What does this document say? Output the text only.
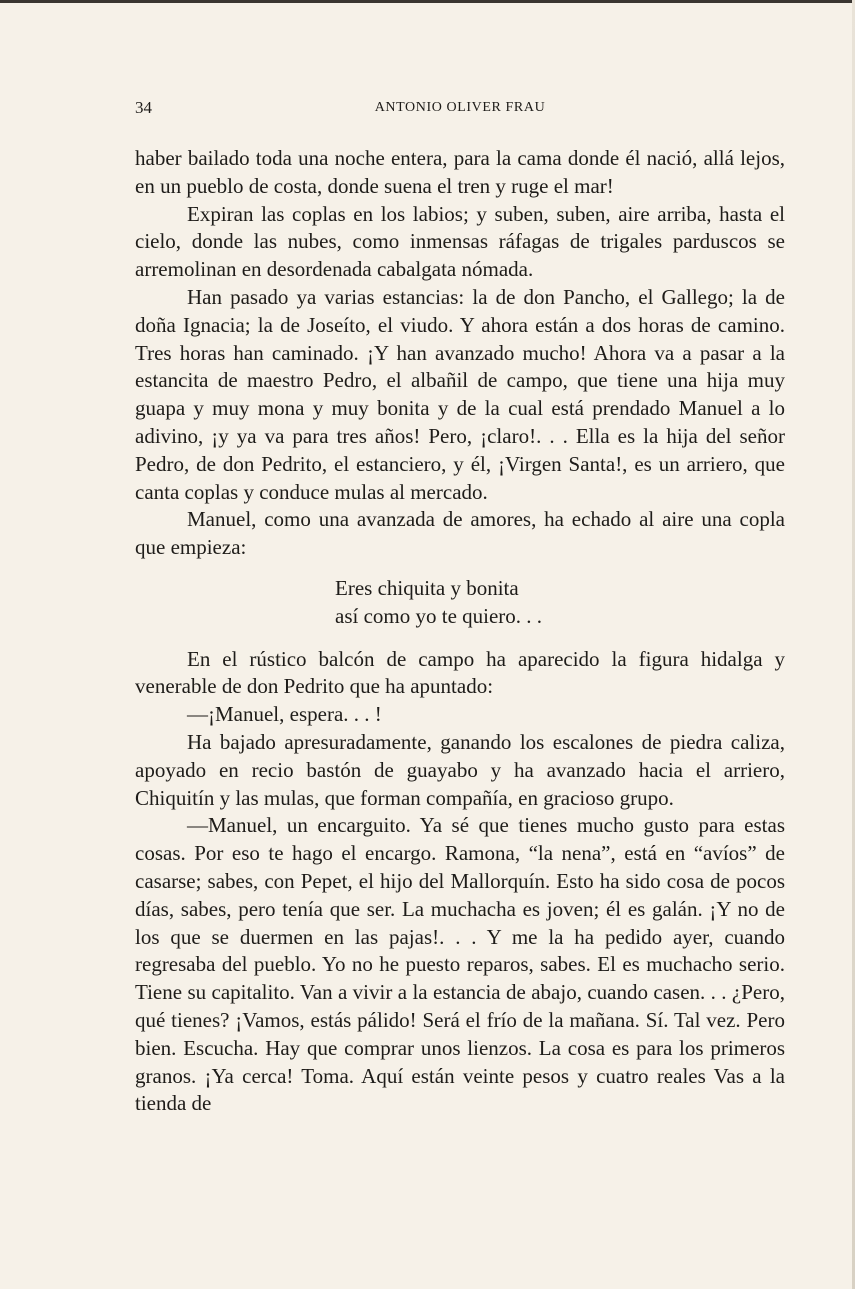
34	ANTONIO OLIVER FRAU

haber bailado toda una noche entera, para la cama donde él nació, allá lejos, en un pueblo de costa, donde suena el tren y ruge el mar!

Expiran las coplas en los labios; y suben, suben, aire arriba, hasta el cielo, donde las nubes, como inmensas ráfagas de trigales parduscos se arremolinan en desordenada cabalgata nómada.

Han pasado ya varias estancias: la de don Pancho, el Gallego; la de doña Ignacia; la de Joseíto, el viudo. Y ahora están a dos horas de camino. Tres horas han caminado. ¡Y han avanzado mucho! Ahora va a pasar a la estancita de maestro Pedro, el albañil de campo, que tiene una hija muy guapa y muy mona y muy bonita y de la cual está prendado Manuel a lo adivino, ¡y ya va para tres años! Pero, ¡claro!. . . Ella es la hija del señor Pedro, de don Pedrito, el estanciero, y él, ¡Virgen Santa!, es un arriero, que canta coplas y conduce mulas al mercado.

Manuel, como una avanzada de amores, ha echado al aire una copla que empieza:

Eres chiquita y bonita
así como yo te quiero. . .

En el rústico balcón de campo ha aparecido la figura hidalga y venerable de don Pedrito que ha apuntado:

—¡Manuel, espera. . . !

Ha bajado apresuradamente, ganando los escalones de piedra caliza, apoyado en recio bastón de guayabo y ha avanzado hacia el arriero, Chiquitín y las mulas, que forman compañía, en gracioso grupo.

—Manuel, un encarguito. Ya sé que tienes mucho gusto para estas cosas. Por eso te hago el encargo. Ramona, “la nena”, está en “avíos” de casarse; sabes, con Pepet, el hijo del Mallorquín. Esto ha sido cosa de pocos días, sabes, pero tenía que ser. La muchacha es joven; él es galán. ¡Y no de los que se duermen en las pajas!. . . Y me la ha pedido ayer, cuando regresaba del pueblo. Yo no he puesto reparos, sabes. El es muchacho serio. Tiene su capitalito. Van a vivir a la estancia de abajo, cuando casen. . . ¿Pero, qué tienes? ¡Vamos, estás pálido! Será el frío de la mañana. Sí. Tal vez. Pero bien. Escucha. Hay que comprar unos lienzos. La cosa es para los primeros granos. ¡Ya cerca! Toma. Aquí están veinte pesos y cuatro reales Vas a la tienda de
